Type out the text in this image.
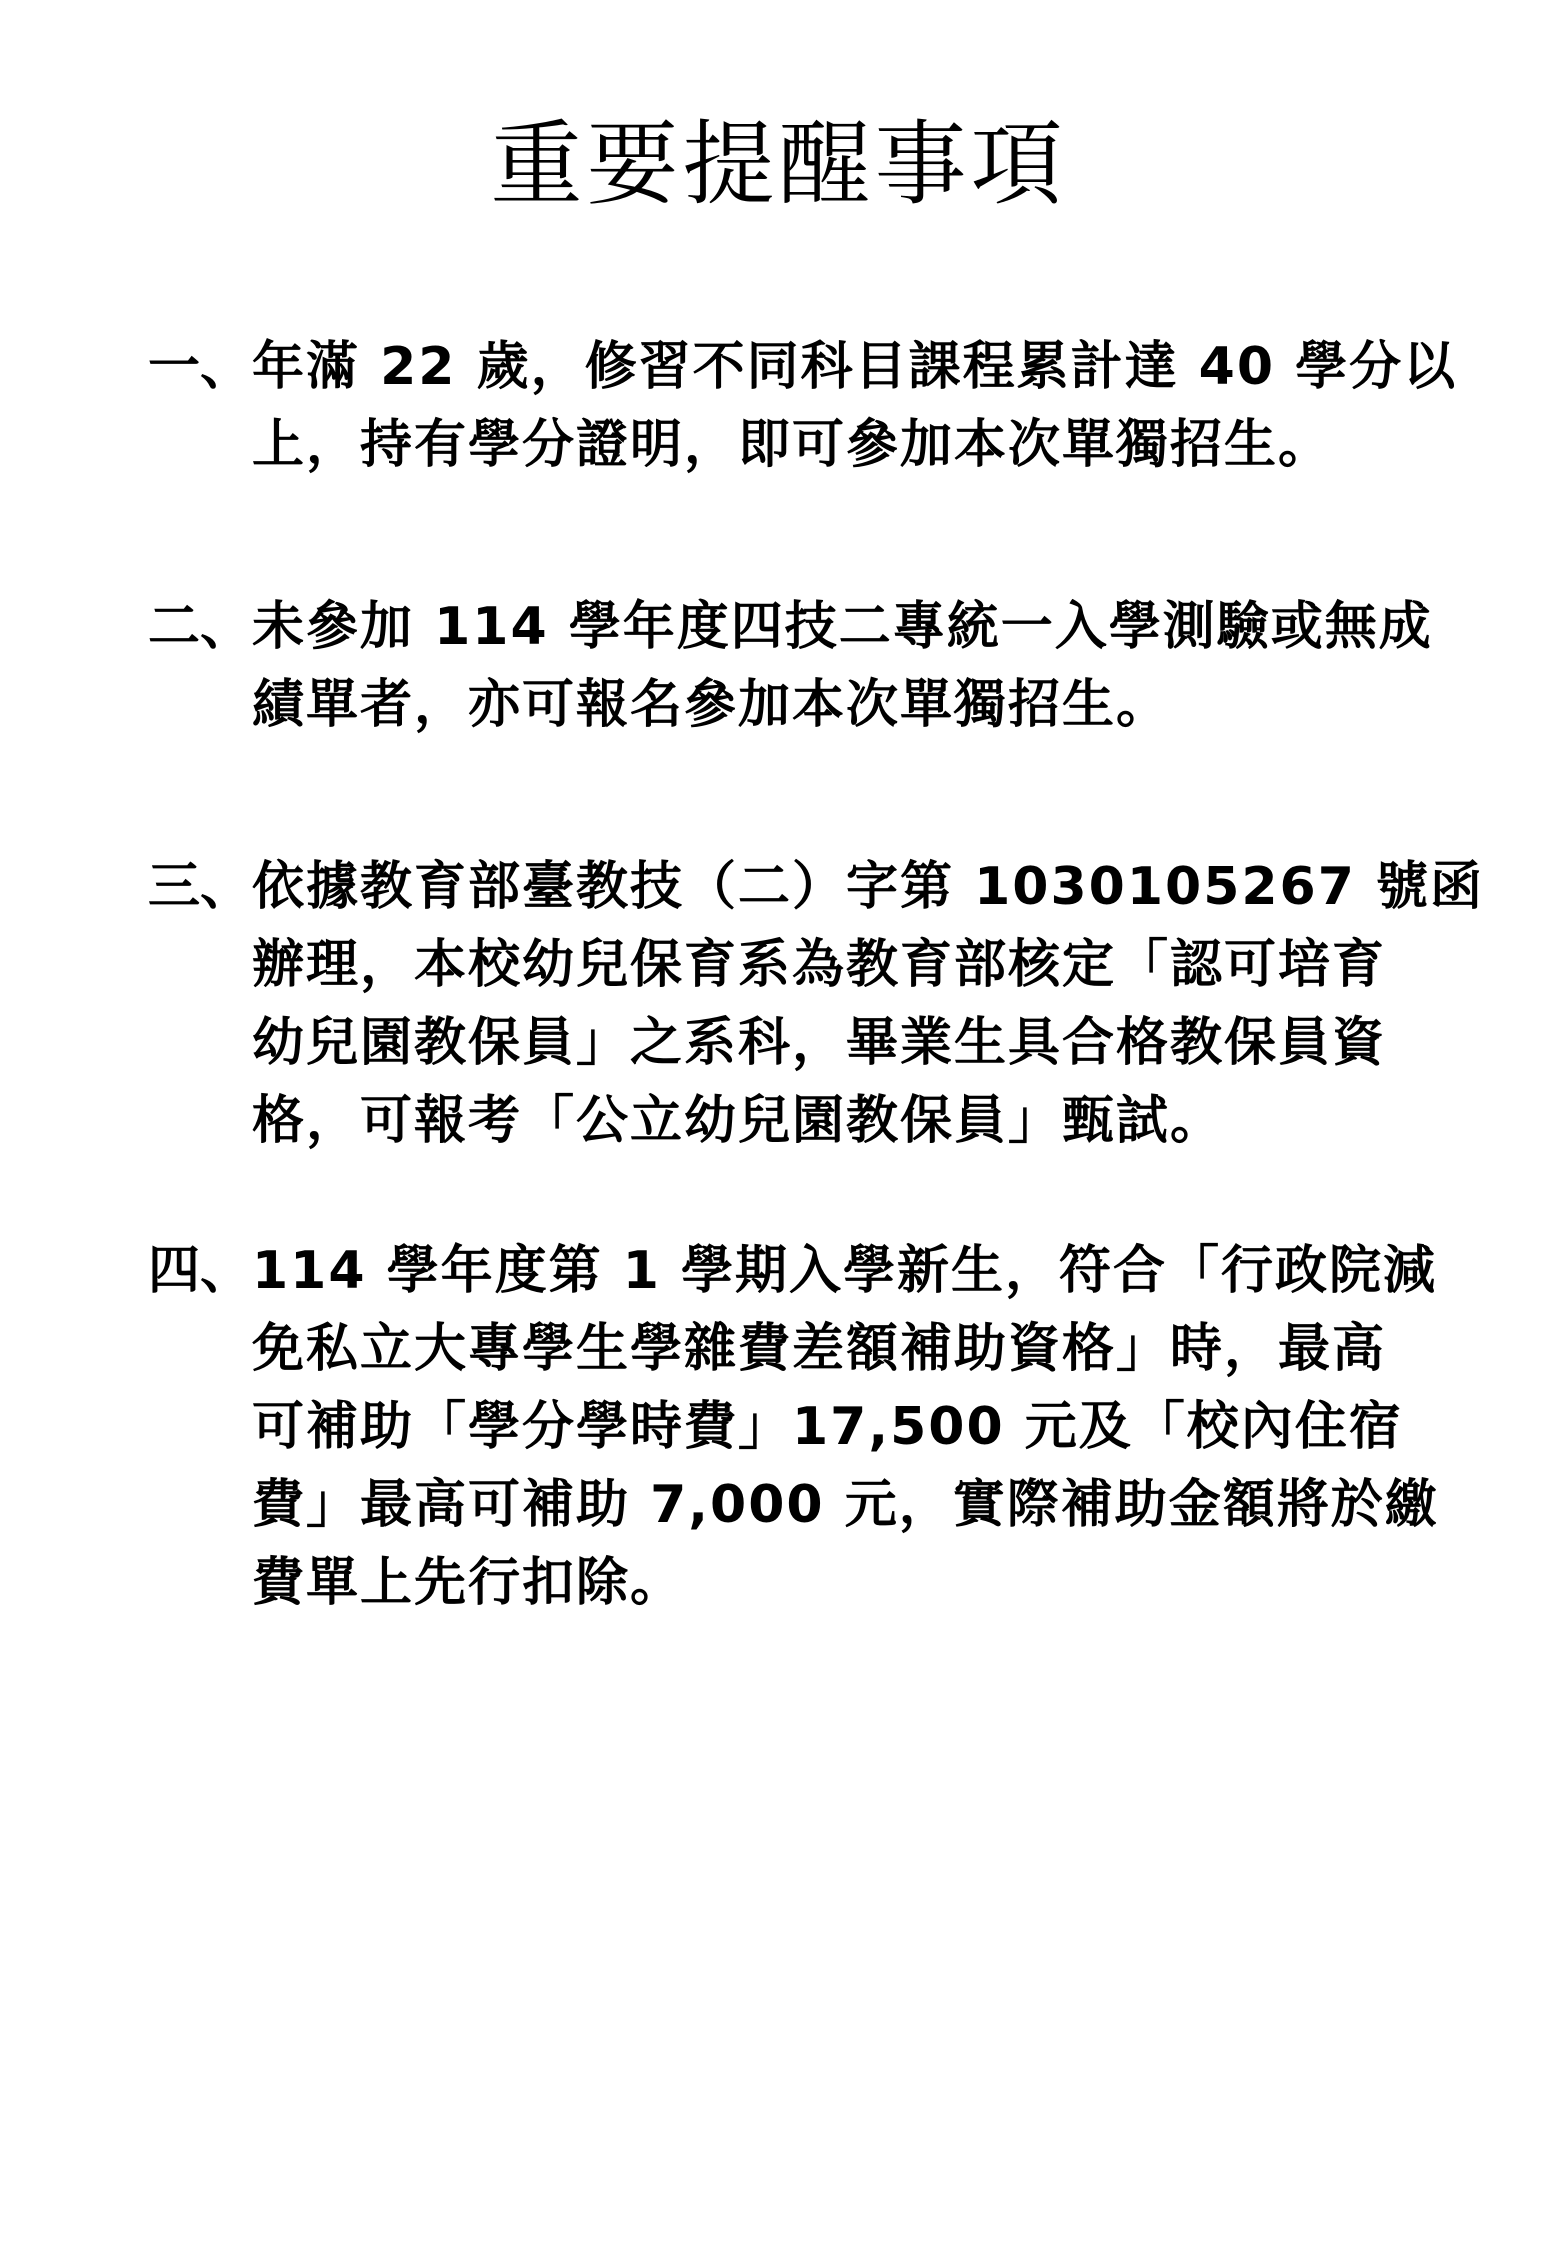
重要提醒事項
一、 年滿 22 歲，修習不同科目課程累計達 40 學分以
上，持有學分證明，即可參加本次單獨招生。
二、 未參加 114 學年度四技二專統一入學測驗或無成
績單者，亦可報名參加本次單獨招生。
三、 依據教育部臺教技（二）字第 1030105267 號函
辦理，本校幼兒保育系為教育部核定「認可培育
幼兒園教保員」之系科，畢業生具合格教保員資
格，可報考「公立幼兒園教保員」甄試。
四、 114 學年度第 1 學期入學新生，符合「行政院減
免私立大專學生學雜費差額補助資格」時，最高
可補助「學分學時費」17,500 元及「校內住宿
費」最高可補助 7,000 元，實際補助金額將於繳
費單上先行扣除。
